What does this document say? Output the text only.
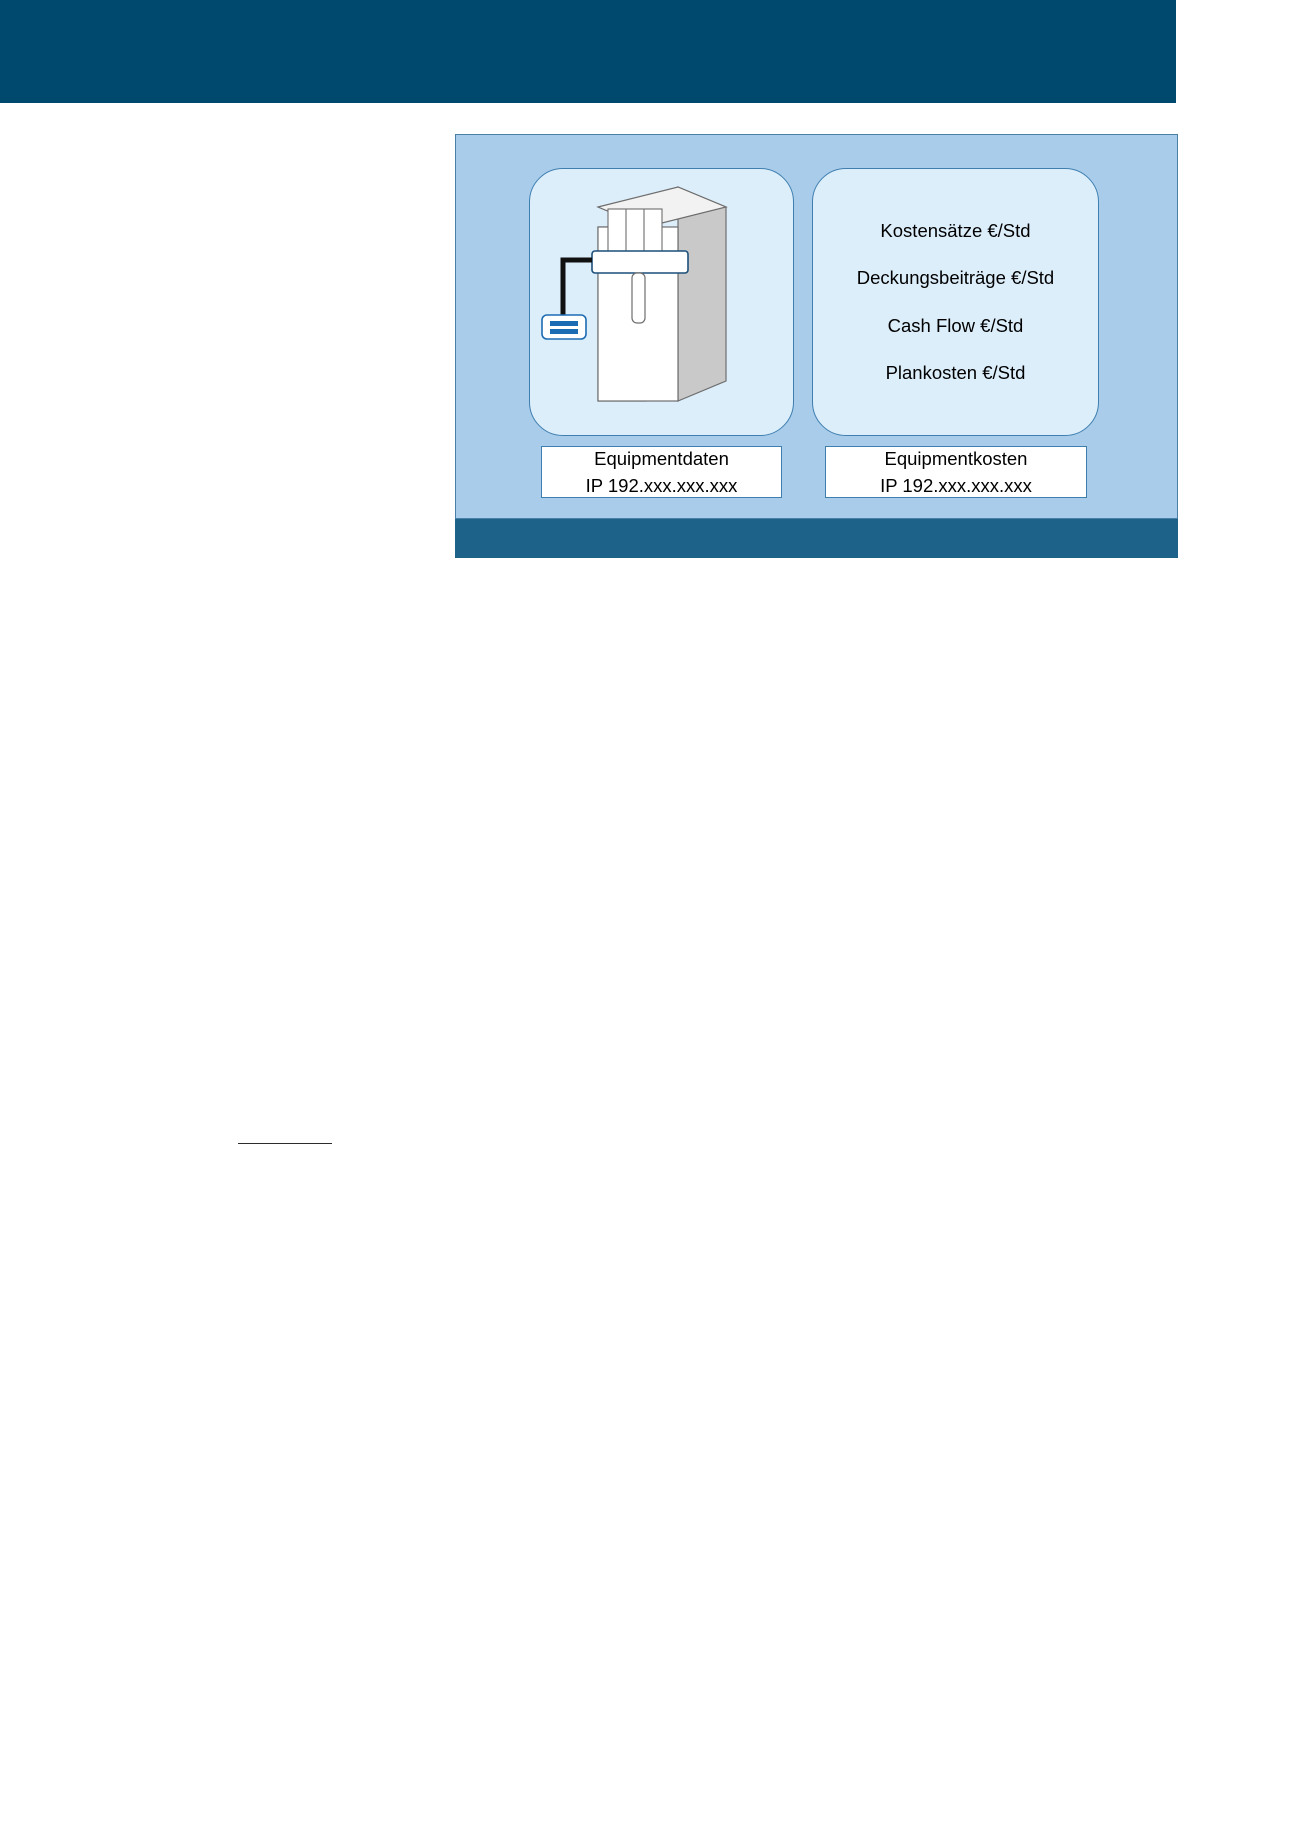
Equipmentdaten
IP 192.xxx.xxx.xxx
Kostensätze €/Std
Deckungsbeiträge €/Std
Cash Flow €/Std
Plankosten €/Std
Equipmentkosten
IP 192.xxx.xxx.xxx
